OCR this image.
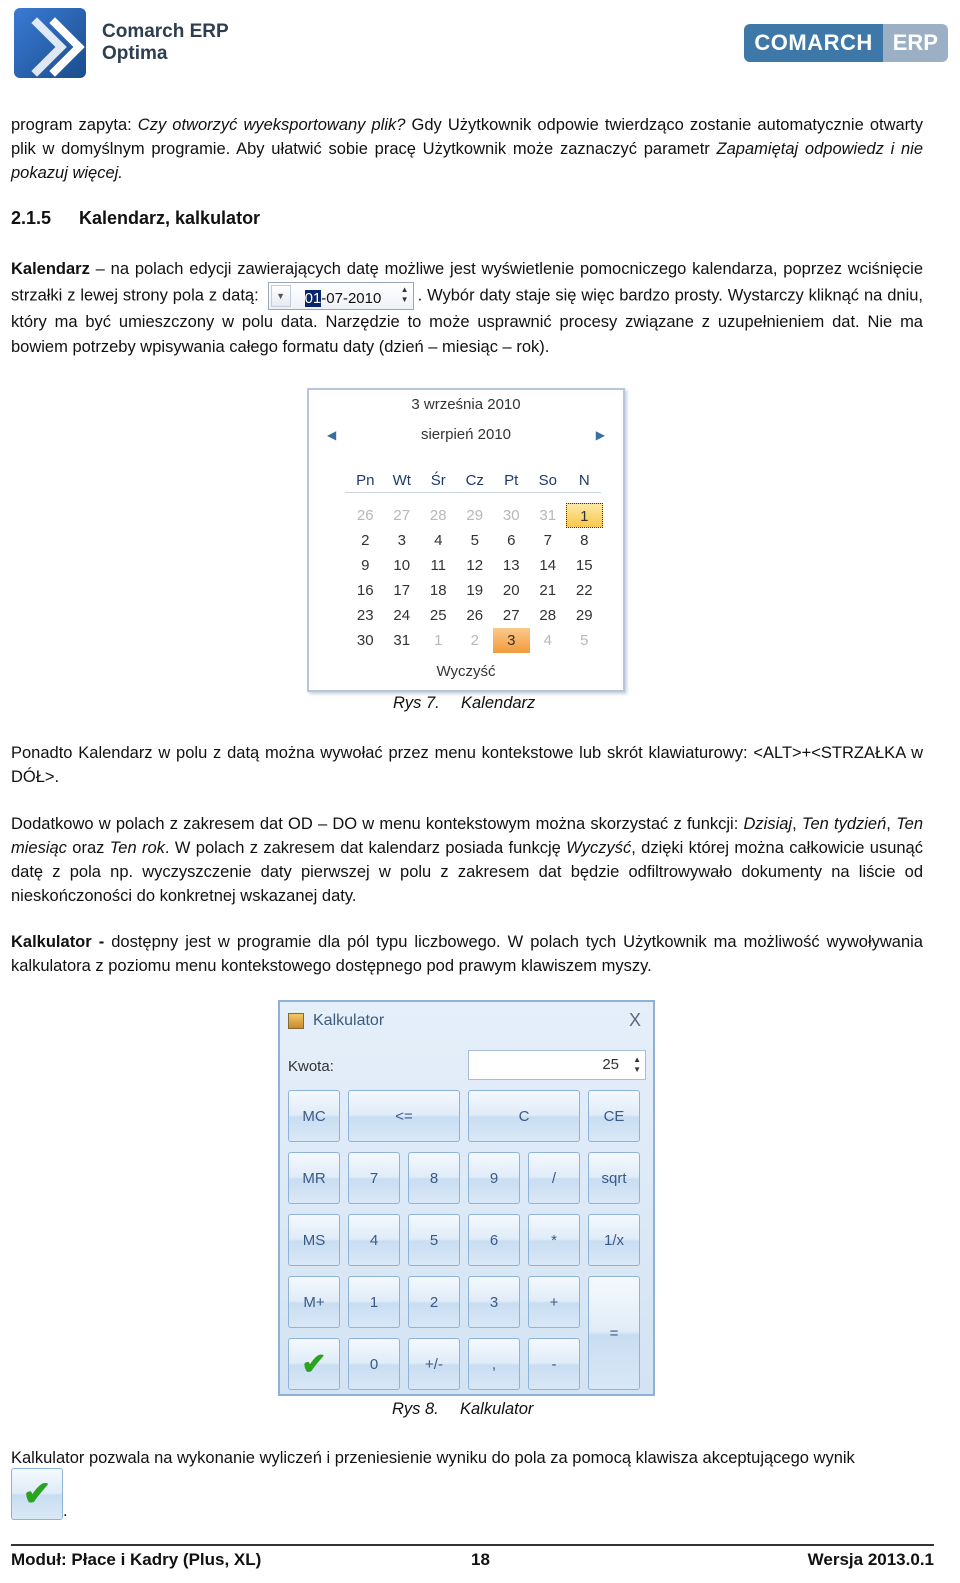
Comarch ERP
Optima	COMARCH ERP
program zapyta: Czy otworzyć wyeksportowany plik? Gdy Użytkownik odpowie twierdząco zostanie automatycznie otwarty plik w domyślnym programie. Aby ułatwić sobie pracę Użytkownik może zaznaczyć parametr Zapamiętaj odpowiedz i nie pokazuj więcej.
2.1.5 Kalendarz, kalkulator
Kalendarz – na polach edycji zawierających datę możliwe jest wyświetlenie pomocniczego kalendarza, poprzez wciśnięcie strzałki z lewej strony pola z datą:	▼	01-07-2010
▲
▼ . Wybór daty staje się więc bardzo prosty. Wystarczy kliknąć na dniu, który ma być umieszczony w polu data. Narzędzie to może usprawnić procesy związane z uzupełnieniem dat. Nie ma bowiem potrzeby wpisywania całego formatu daty (dzień – miesiąc – rok).
3 września 2010
◀	sierpień 2010	▶
Pn	Wt	Śr	Cz	Pt	So	N
26	27	28	29	30	31	1
2	3	4	5	6	7	8
9	10	11	12	13	14	15
16	17	18	19	20	21	22
23	24	25	26	27	28	29
30	31	1	2	3	4	5
Wyczyść
Rys 7. Kalendarz
Ponadto Kalendarz w polu z datą można wywołać przez menu kontekstowe lub skrót klawiaturowy: <ALT>+<STRZAŁKA w DÓŁ>.
Dodatkowo w polach z zakresem dat OD – DO w menu kontekstowym można skorzystać z funkcji: Dzisiaj, Ten tydzień, Ten miesiąc oraz Ten rok. W polach z zakresem dat kalendarz posiada funkcję Wyczyść, dzięki której można całkowicie usunąć datę z pola np. wyczyszczenie daty pierwszej w polu z zakresem dat będzie odfiltrowywało dokumenty na liście od nieskończoności do konkretnej wskazanej daty.
Kalkulator - dostępny jest w programie dla pól typu liczbowego. W polach tych Użytkownik ma możliwość wywoływania kalkulatora z poziomu menu kontekstowego dostępnego pod prawym klawiszem myszy.
Kalkulator	X
Kwota:	25 ▲
▼
MC	<=	C	CE
MR	7	8	9	/	sqrt
MS	4	5	6	*	1/x
M+	1	2	3	+
=
✔	0	+/-	,	-
Rys 8. Kalkulator
Kalkulator pozwala na wykonanie wyliczeń i przeniesienie wyniku do pola za pomocą klawisza akceptującego wynik
✔ .
Moduł: Płace i Kadry (Plus, XL)	18	Wersja 2013.0.1
